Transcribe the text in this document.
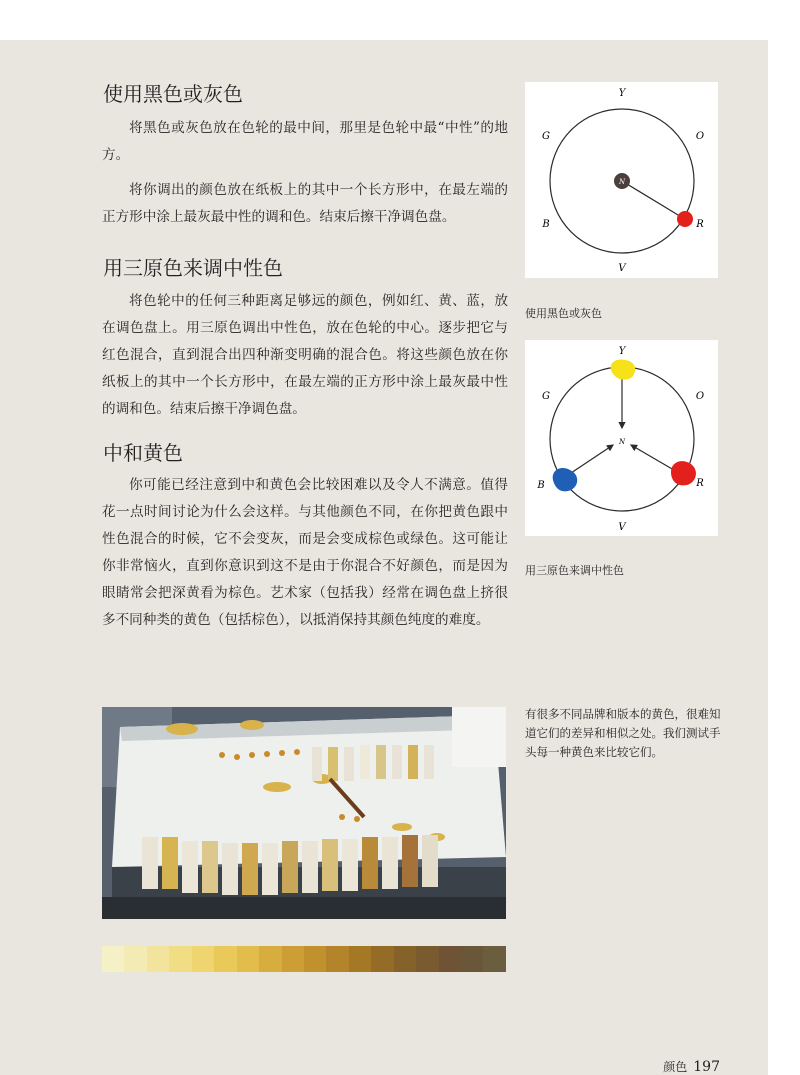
使用黑色或灰色

将黑色或灰色放在色轮的最中间，那里是色轮中最“中性”的地方。

将你调出的颜色放在纸板上的其中一个长方形中，在最左端的正方形中涂上最灰最中性的调和色。结束后擦干净调色盘。

用三原色来调中性色

将色轮中的任何三种距离足够远的颜色，例如红、黄、蓝，放在调色盘上。用三原色调出中性色，放在色轮的中心。逐步把它与红色混合，直到混合出四种渐变明确的混合色。将这些颜色放在你纸板上的其中一个长方形中，在最左端的正方形中涂上最灰最中性的调和色。结束后擦干净调色盘。

中和黄色

你可能已经注意到中和黄色会比较困难以及令人不满意。值得花一点时间讨论为什么会这样。与其他颜色不同，在你把黄色跟中性色混合的时候，它不会变灰，而是会变成棕色或绿色。这可能让你非常恼火，直到你意识到这不是由于你混合不好颜色，而是因为眼睛常会把深黄看为棕色。艺术家（包括我）经常在调色盘上挤很多不同种类的黄色（包括棕色），以抵消保持其颜色纯度的难度。

N
Y
G	O
B	R
V
使用黑色或灰色
N
Y
G	O
B	R
V
用三原色来调中性色

有很多不同品牌和版本的黄色，很难知道它们的差异和相似之处。我们测试手头每一种黄色来比较它们。

颜色 197
